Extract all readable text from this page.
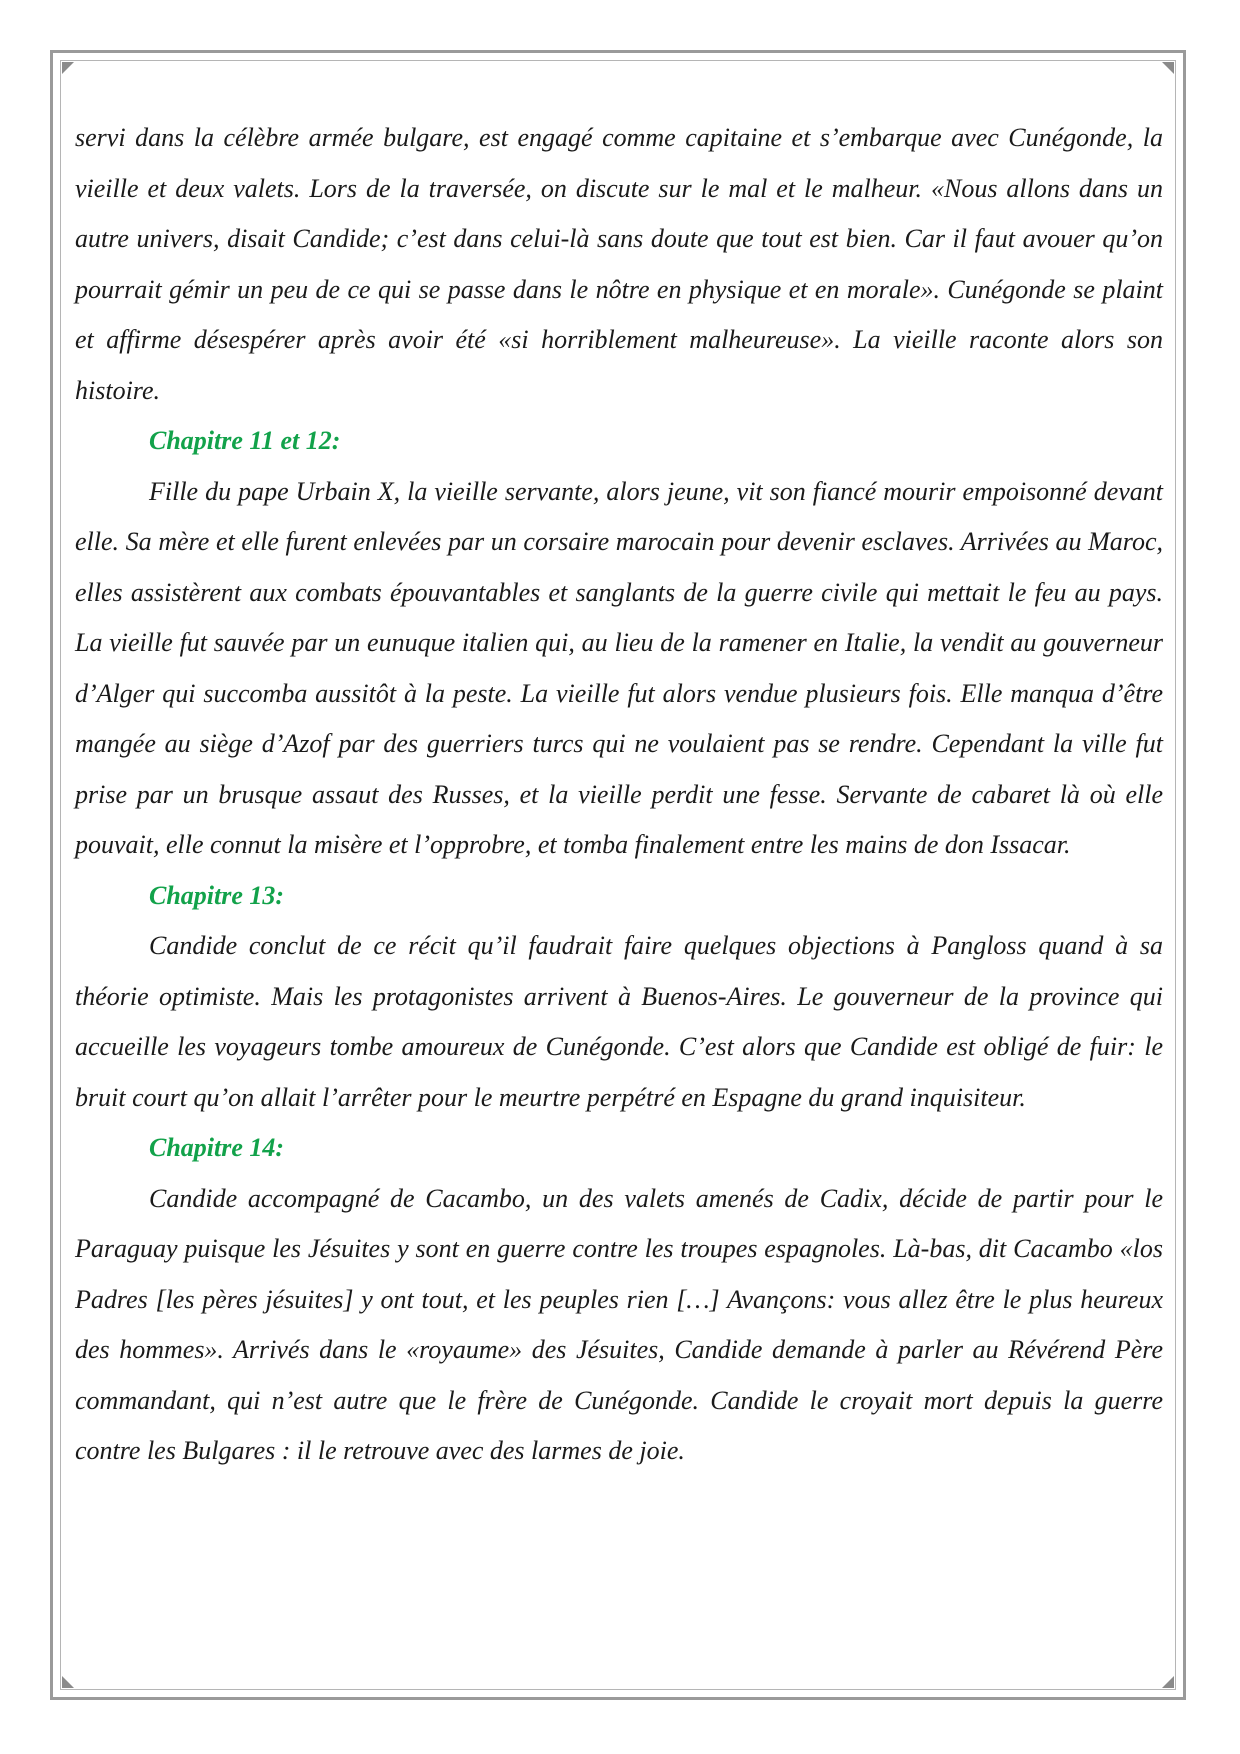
servi dans la célèbre armée bulgare, est engagé comme capitaine et s’embarque avec Cunégonde, la vieille et deux valets. Lors de la traversée, on discute sur le mal et le malheur. «Nous allons dans un autre univers, disait Candide; c’est dans celui-là sans doute que tout est bien. Car il faut avouer qu’on pourrait gémir un peu de ce qui se passe dans le nôtre en physique et en morale». Cunégonde se plaint et affirme désespérer après avoir été «si horriblement malheureuse». La vieille raconte alors son histoire.

Chapitre 11 et 12:

Fille du pape Urbain X, la vieille servante, alors jeune, vit son fiancé mourir empoisonné devant elle. Sa mère et elle furent enlevées par un corsaire marocain pour devenir esclaves. Arrivées au Maroc, elles assistèrent aux combats épouvantables et sanglants de la guerre civile qui mettait le feu au pays. La vieille fut sauvée par un eunuque italien qui, au lieu de la ramener en Italie, la vendit au gouverneur d’Alger qui succomba aussitôt à la peste. La vieille fut alors vendue plusieurs fois. Elle manqua d’être mangée au siège d’Azof par des guerriers turcs qui ne voulaient pas se rendre. Cependant la ville fut prise par un brusque assaut des Russes, et la vieille perdit une fesse. Servante de cabaret là où elle pouvait, elle connut la misère et l’opprobre, et tomba finalement entre les mains de don Issacar.

Chapitre 13:

Candide conclut de ce récit qu’il faudrait faire quelques objections à Pangloss quand à sa théorie optimiste. Mais les protagonistes arrivent à Buenos-Aires. Le gouverneur de la province qui accueille les voyageurs tombe amoureux de Cunégonde. C’est alors que Candide est obligé de fuir: le bruit court qu’on allait l’arrêter pour le meurtre perpétré en Espagne du grand inquisiteur.

Chapitre 14:

Candide accompagné de Cacambo, un des valets amenés de Cadix, décide de partir pour le Paraguay puisque les Jésuites y sont en guerre contre les troupes espagnoles. Là-bas, dit Cacambo «los Padres [les pères jésuites] y ont tout, et les peuples rien […] Avançons: vous allez être le plus heureux des hommes». Arrivés dans le «royaume» des Jésuites, Candide demande à parler au Révérend Père commandant, qui n’est autre que le frère de Cunégonde. Candide le croyait mort depuis la guerre contre les Bulgares : il le retrouve avec des larmes de joie.
